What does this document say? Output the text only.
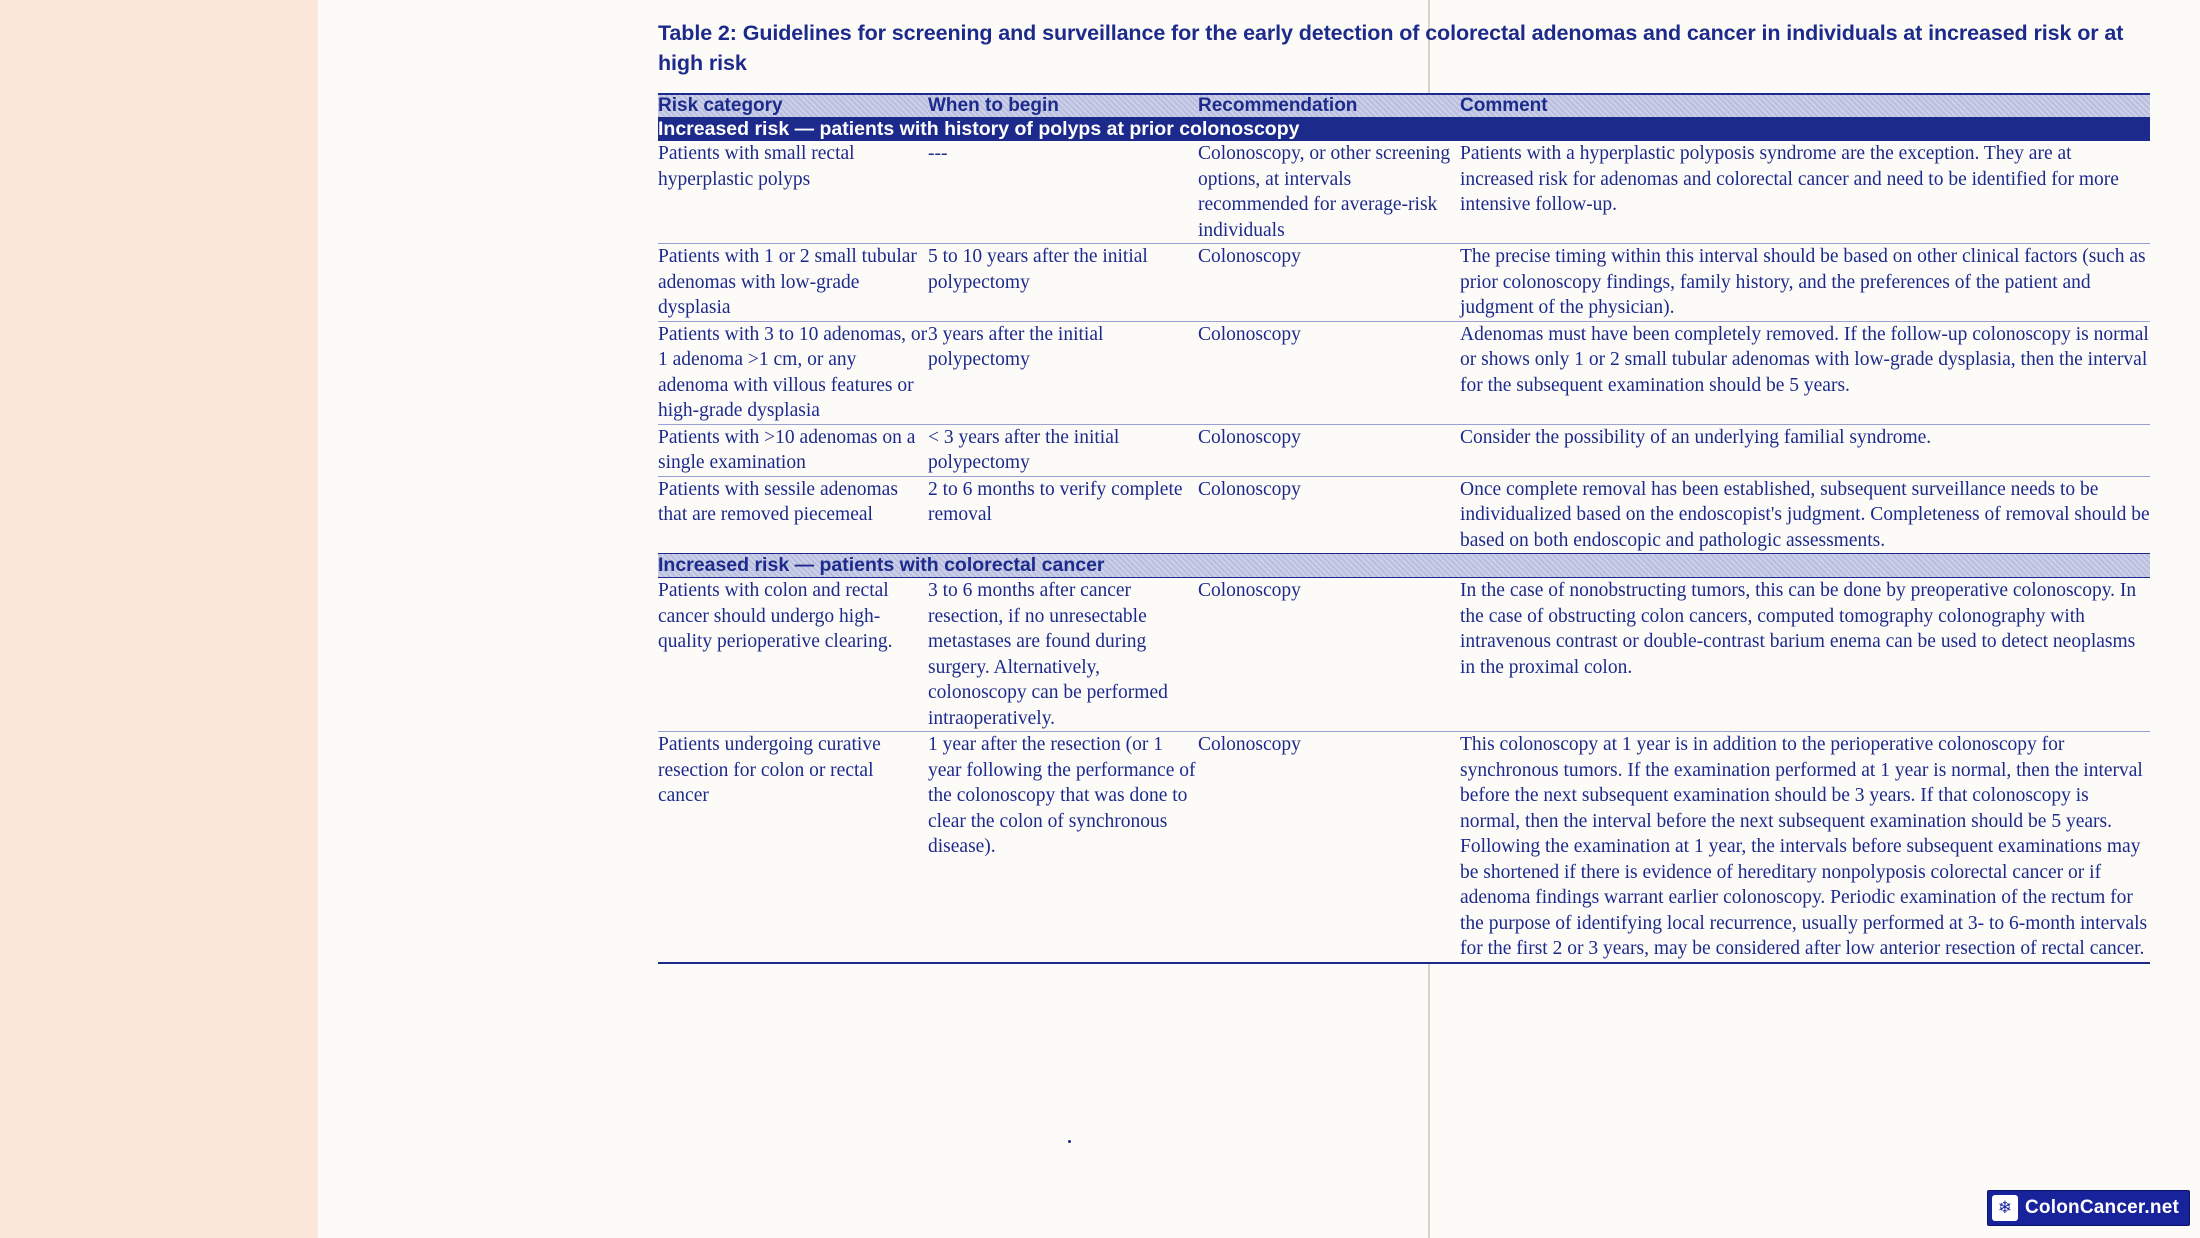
Table 2: Guidelines for screening and surveillance for the early detection of colorectal adenomas and cancer in individuals at increased risk or at high risk
Risk category	When to begin	Recommendation	Comment
Increased risk — patients with history of polyps at prior colonoscopy			
Patients with small rectal hyperplastic polyps	---	Colonoscopy, or other screening options, at intervals recommended for average-risk individuals	Patients with a hyperplastic polyposis syndrome are the exception. They are at increased risk for adenomas and colorectal cancer and need to be identified for more intensive follow-up.
Patients with 1 or 2 small tubular adenomas with low-grade dysplasia	5 to 10 years after the initial polypectomy	Colonoscopy	The precise timing within this interval should be based on other clinical factors (such as prior colonoscopy findings, family history, and the preferences of the patient and judgment of the physician).
Patients with 3 to 10 adenomas, or 1 adenoma >1 cm, or any adenoma with villous features or high-grade dysplasia	3 years after the initial polypectomy	Colonoscopy	Adenomas must have been completely removed. If the follow-up colonoscopy is normal or shows only 1 or 2 small tubular adenomas with low-grade dysplasia, then the interval for the subsequent examination should be 5 years.
Patients with >10 adenomas on a single examination	< 3 years after the initial polypectomy	Colonoscopy	Consider the possibility of an underlying familial syndrome.
Patients with sessile adenomas that are removed piecemeal	2 to 6 months to verify complete removal	Colonoscopy	Once complete removal has been established, subsequent surveillance needs to be individualized based on the endoscopist's judgment. Completeness of removal should be based on both endoscopic and pathologic assessments.
Increased risk — patients with colorectal cancer			
Patients with colon and rectal cancer should undergo high-quality perioperative clearing.	3 to 6 months after cancer resection, if no unresectable metastases are found during surgery. Alternatively, colonoscopy can be performed intraoperatively.	Colonoscopy	In the case of nonobstructing tumors, this can be done by preoperative colonoscopy. In the case of obstructing colon cancers, computed tomography colonography with intravenous contrast or double-contrast barium enema can be used to detect neoplasms in the proximal colon.
Patients undergoing curative resection for colon or rectal cancer	1 year after the resection (or 1 year following the performance of the colonoscopy that was done to clear the colon of synchronous disease).	Colonoscopy	This colonoscopy at 1 year is in addition to the perioperative colonoscopy for synchronous tumors. If the examination performed at 1 year is normal, then the interval before the next subsequent examination should be 3 years. If that colonoscopy is normal, then the interval before the next subsequent examination should be 5 years. Following the examination at 1 year, the intervals before subsequent examinations may be shortened if there is evidence of hereditary nonpolyposis colorectal cancer or if adenoma findings warrant earlier colonoscopy. Periodic examination of the rectum for the purpose of identifying local recurrence, usually performed at 3- to 6-month intervals for the first 2 or 3 years, may be considered after low anterior resection of rectal cancer.

❄ ColonCancer.net
